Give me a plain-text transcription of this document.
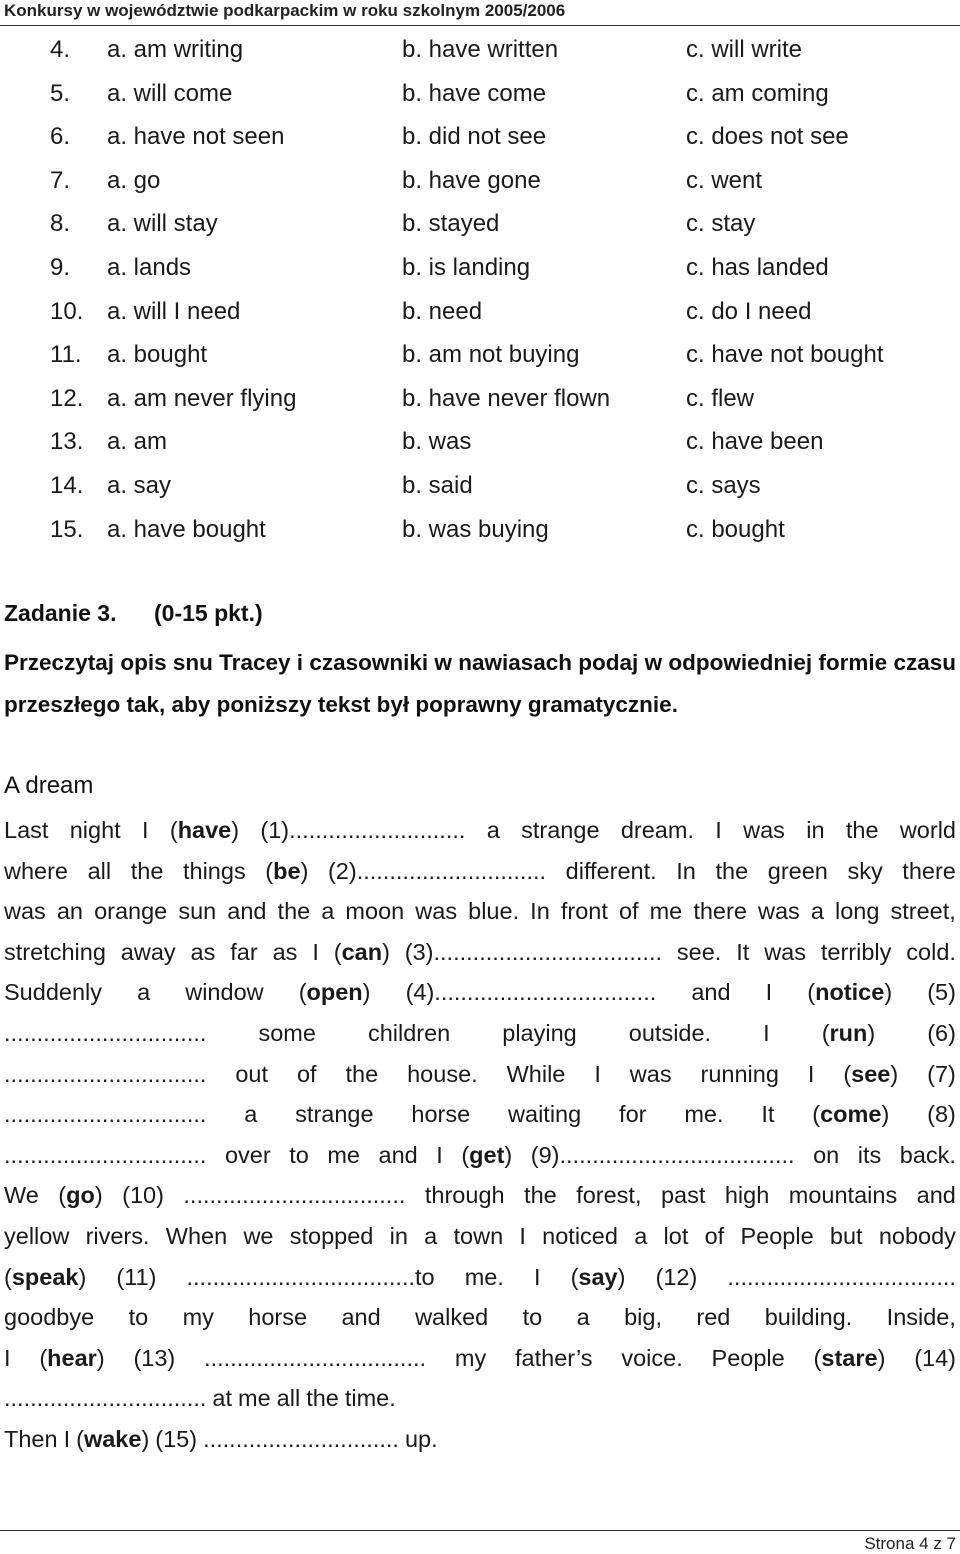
Konkursy w województwie podkarpackim w roku szkolnym 2005/2006
4. a. am writing	b. have written	c. will write
5. a. will come	b. have come	c. am coming
6. a. have not seen	b. did not see	c. does not see
7. a. go	b. have gone	c. went
8. a. will stay	b. stayed	c. stay
9. a. lands	b. is landing	c. has landed
10. a. will I need	b. need	c. do I need
11. a. bought	b. am not buying	c. have not bought
12. a. am never flying	b. have never flown	c. flew
13. a. am	b. was	c. have been
14. a. say	b. said	c. says
15. a. have bought	b. was buying	c. bought
Zadanie 3. (0-15 pkt.)
Przeczytaj opis snu Tracey i czasowniki w nawiasach podaj w odpowiedniej formie czasu przeszłego tak, aby poniższy tekst był poprawny gramatycznie.
A dream
Last night I (have) (1)........................... a strange dream. I was in the world
where all the things (be) (2)............................. different. In the green sky there
was an orange sun and the a moon was blue. In front of me there was a long street,
stretching away as far as I (can) (3)................................... see. It was terribly cold.
Suddenly a window (open) (4).................................. and I (notice) (5)
............................... some children playing outside. I (run) (6)
............................... out of the house. While I was running I (see) (7)
............................... a strange horse waiting for me. It (come) (8)
............................... over to me and I (get) (9).................................... on its back.
We (go) (10) .................................. through the forest, past high mountains and
yellow rivers. When we stopped in a town I noticed a lot of People but nobody
(speak) (11) ...................................to me. I (say) (12) ...................................
goodbye to my horse and walked to a big, red building. Inside,
I (hear) (13) .................................. my father’s voice. People (stare) (14)
............................... at me all the time.
Then I (wake) (15) .............................. up.
Strona 4 z 7
